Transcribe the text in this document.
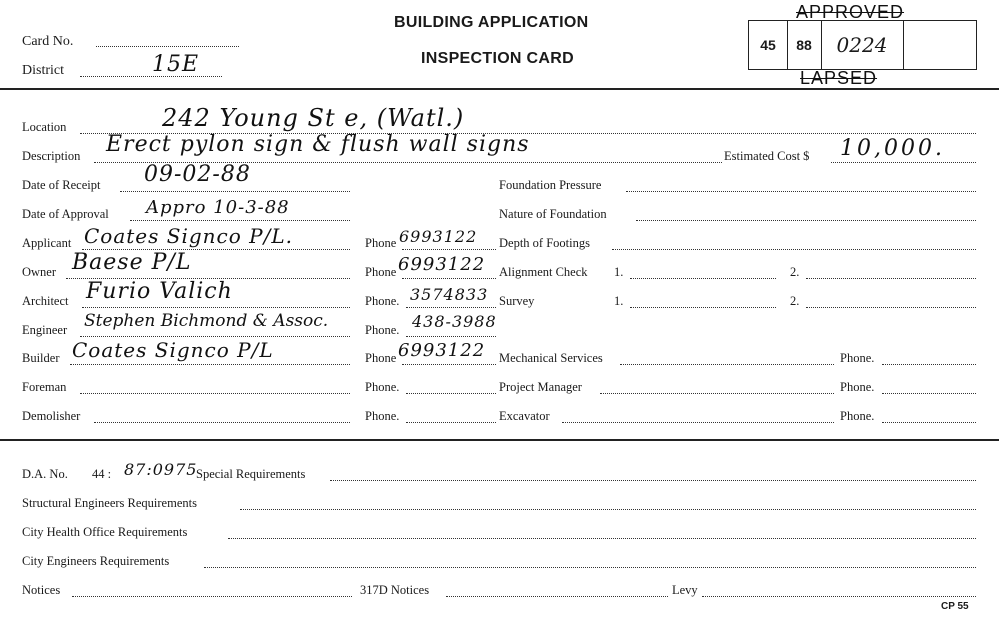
Card No.
District	15E
BUILDING APPLICATION
INSPECTION CARD
APPROVED
45	88	0224
LAPSED
Location	242 Young St e, (Watl.)
Description Erect pylon sign & flush wall signs	Estimated Cost $ 10,000.
Date of Receipt 09-02-88	Foundation Pressure
Date of Approval Appro 10-3-88	Nature of Foundation
Applicant Coates Signco P/L.	Phone 6993122 Depth of Footings
Owner Baese P/L	Phone 6993122 Alignment Check 1.	2.
Architect Furio Valich	Phone. 3574833 Survey	1.	2.
Engineer Stephen Bichmond & Assoc.	Phone. 438-3988
Builder Coates Signco P/L	Phone 6993122 Mechanical Services	Phone.
Foreman	Phone.	Project Manager	Phone.
Demolisher	Phone.	Excavator	Phone.
D.A. No. 44 : 87:0975
Special Requirements
Structural Engineers Requirements
City Health Office Requirements
City Engineers Requirements
Notices	317D Notices	Levy
CP 55
